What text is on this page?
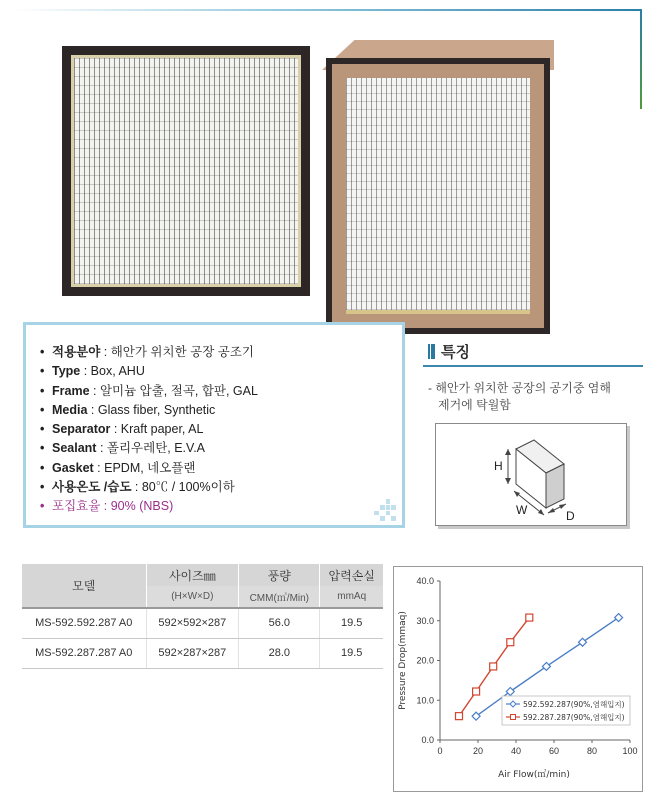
• 적용분야 : 해안가 위치한 공장 공조기
• Type : Box, AHU
• Frame : 알미늄 압출, 절곡, 합판, GAL
• Media : Glass fiber, Synthetic
• Separator : Kraft paper, AL
• Sealant : 폴리우레탄, E.V.A
• Gasket : EPDM, 네오플랜
• 사용온도 /습도 : 80℃ / 100%이하
• 포집효율 : 90% (NBS)
특징
- 해안가 위치한 공장의 공기중 염해
제거에 탁월함
H
W	D
모델	사이즈㎜	풍량	압력손실
	(H×W×D)	CMM(㎥/Min)	mmAq
MS-592.592.287 A0	592×592×287	56.0	19.5
MS-592.287.287 A0	592×287×287	28.0	19.5
0.0
10.0
20.0
30.0
40.0
0	20	40	60	80	100
Air Flow(㎥/min)
Pressure Drop(mmaq)	592.592.287(90%,염해입지)
592.287.287(90%,염해입지)
